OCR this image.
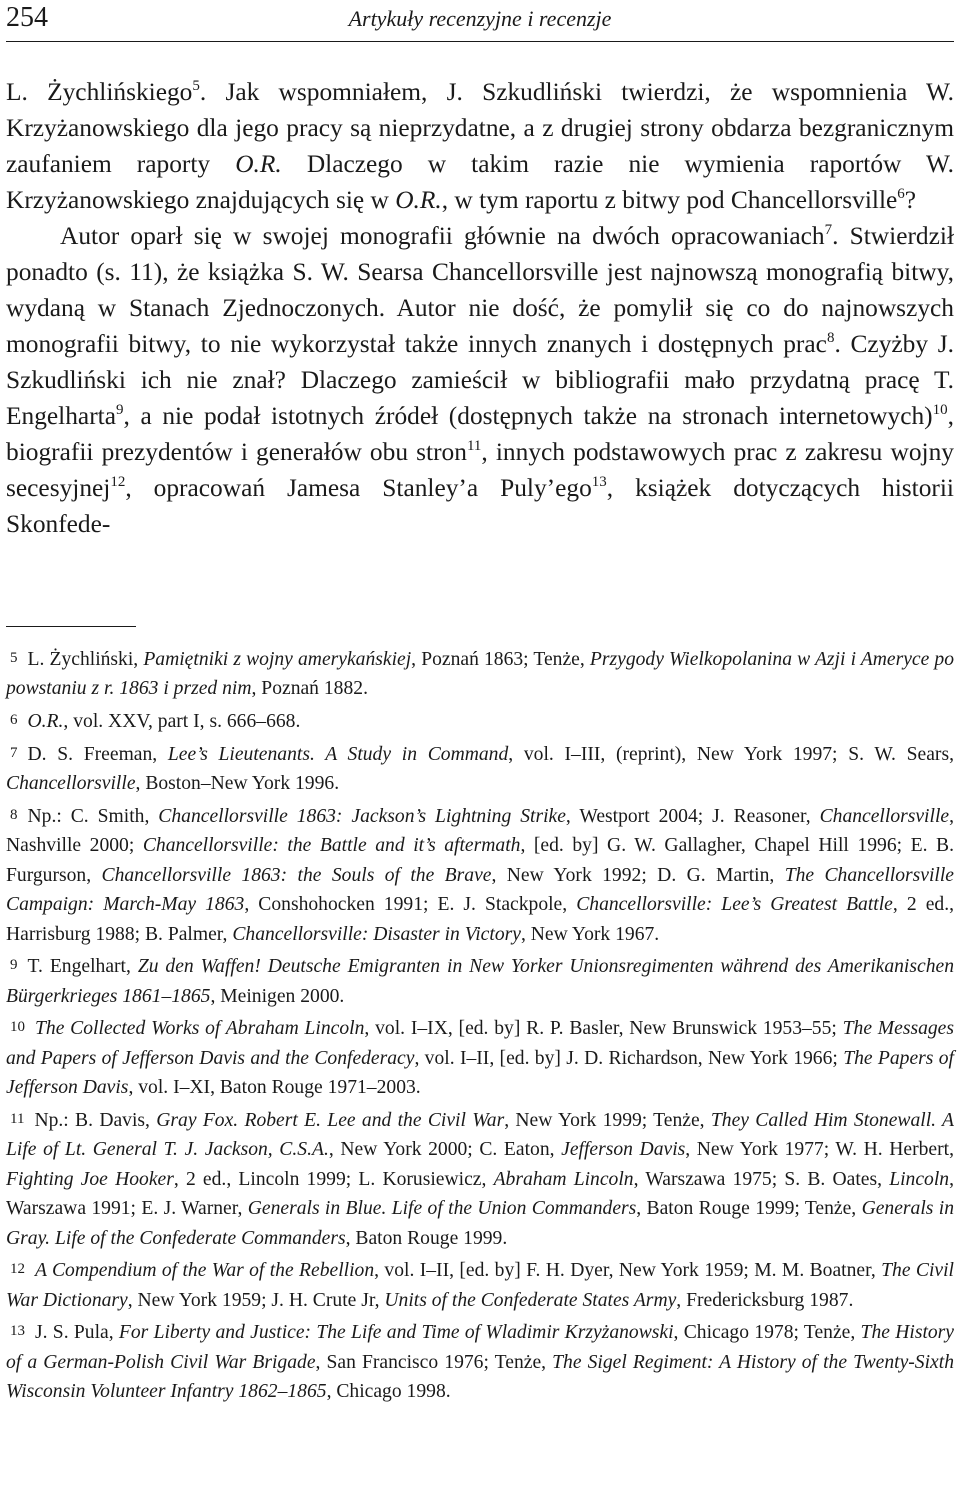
254	Artykuły recenzyjne i recenzje

L. Żychlińskiego$^5$. Jak wspomniałem, J. Szkudliński twierdzi, że wspomnienia W. Krzyżanowskiego dla jego pracy są nieprzydatne, a z drugiej strony obdarza bezgranicznym zaufaniem raporty O.R. Dlaczego w takim razie nie wymienia raportów W. Krzyżanowskiego znajdujących się w O.R., w tym raportu z bitwy pod Chancellorsville$^6$?

Autor oparł się w swojej monografii głównie na dwóch opracowaniach$^7$. Stwierdził ponadto (s. 11), że książka S. W. Searsa Chancellorsville jest najnowszą monografią bitwy, wydaną w Stanach Zjednoczonych. Autor nie dość, że pomylił się co do najnowszych monografii bitwy, to nie wykorzystał także innych znanych i dostępnych prac$^8$. Czyżby J. Szkudliński ich nie znał? Dlaczego zamieścił w bibliografii mało przydatną pracę T. Engelharta$^9$, a nie podał istotnych źródeł (dostępnych także na stronach internetowych)$^{10}$, biografii prezydentów i generałów obu stron$^{11}$, innych podstawowych prac z zakresu wojny secesyjnej$^{12}$, opracowań Jamesa Stanley’a Puly’ego$^{13}$, książek dotyczących historii Skonfede-

5 L. Żychliński, Pamiętniki z wojny amerykańskiej, Poznań 1863; Tenże, Przygody Wielkopolanina w Azji i Ameryce po powstaniu z r. 1863 i przed nim, Poznań 1882.

6 O.R., vol. XXV, part I, s. 666–668.

7 D. S. Freeman, Lee’s Lieutenants. A Study in Command, vol. I–III, (reprint), New York 1997; S. W. Sears, Chancellorsville, Boston–New York 1996.

8 Np.: C. Smith, Chancellorsville 1863: Jackson’s Lightning Strike, Westport 2004; J. Reasoner, Chancellorsville, Nashville 2000; Chancellorsville: the Battle and it’s aftermath, [ed. by] G. W. Gallagher, Chapel Hill 1996; E. B. Furgurson, Chancellorsville 1863: the Souls of the Brave, New York 1992; D. G. Martin, The Chancellorsville Campaign: March-May 1863, Conshohocken 1991; E. J. Stackpole, Chancellorsville: Lee’s Greatest Battle, 2 ed., Harrisburg 1988; B. Palmer, Chancellorsville: Disaster in Victory, New York 1967.

9 T. Engelhart, Zu den Waffen! Deutsche Emigranten in New Yorker Unionsregimenten während des Amerikanischen Bürgerkrieges 1861–1865, Meinigen 2000.

10 The Collected Works of Abraham Lincoln, vol. I–IX, [ed. by] R. P. Basler, New Brunswick 1953–55; The Messages and Papers of Jefferson Davis and the Confederacy, vol. I–II, [ed. by] J. D. Richardson, New York 1966; The Papers of Jefferson Davis, vol. I–XI, Baton Rouge 1971–2003.

11 Np.: B. Davis, Gray Fox. Robert E. Lee and the Civil War, New York 1999; Tenże, They Called Him Stonewall. A Life of Lt. General T. J. Jackson, C.S.A., New York 2000; C. Eaton, Jefferson Davis, New York 1977; W. H. Herbert, Fighting Joe Hooker, 2 ed., Lincoln 1999; L. Korusiewicz, Abraham Lincoln, Warszawa 1975; S. B. Oates, Lincoln, Warszawa 1991; E. J. Warner, Generals in Blue. Life of the Union Commanders, Baton Rouge 1999; Tenże, Generals in Gray. Life of the Confederate Commanders, Baton Rouge 1999.

12 A Compendium of the War of the Rebellion, vol. I–II, [ed. by] F. H. Dyer, New York 1959; M. M. Boatner, The Civil War Dictionary, New York 1959; J. H. Crute Jr, Units of the Confederate States Army, Fredericksburg 1987.

13 J. S. Pula, For Liberty and Justice: The Life and Time of Wladimir Krzyżanowski, Chicago 1978; Tenże, The History of a German-Polish Civil War Brigade, San Francisco 1976; Tenże, The Sigel Regiment: A History of the Twenty-Sixth Wisconsin Volunteer Infantry 1862–1865, Chicago 1998.
